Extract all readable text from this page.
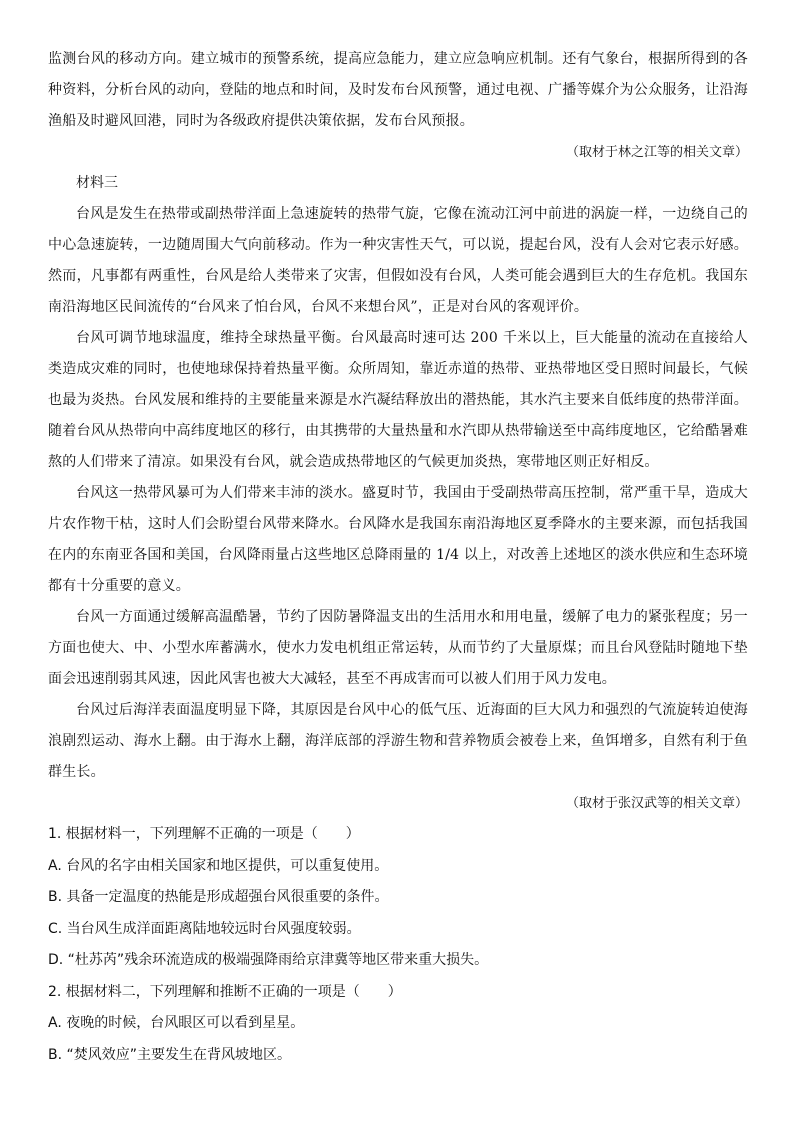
监测台风的移动方向。建立城市的预警系统，提高应急能力，建立应急响应机制。还有气象台，根据所得到的各种资料，分析台风的动向，登陆的地点和时间，及时发布台风预警，通过电视、广播等媒介为公众服务，让沿海渔船及时避风回港，同时为各级政府提供决策依据，发布台风预报。

（取材于林之江等的相关文章）

材料三

台风是发生在热带或副热带洋面上急速旋转的热带气旋，它像在流动江河中前进的涡旋一样，一边绕自己的中心急速旋转，一边随周围大气向前移动。作为一种灾害性天气，可以说，提起台风，没有人会对它表示好感。然而，凡事都有两重性，台风是给人类带来了灾害，但假如没有台风，人类可能会遇到巨大的生存危机。我国东南沿海地区民间流传的“台风来了怕台风，台风不来想台风”，正是对台风的客观评价。

台风可调节地球温度，维持全球热量平衡。台风最高时速可达 200 千米以上，巨大能量的流动在直接给人类造成灾难的同时，也使地球保持着热量平衡。众所周知，靠近赤道的热带、亚热带地区受日照时间最长，气候也最为炎热。台风发展和维持的主要能量来源是水汽凝结释放出的潜热能，其水汽主要来自低纬度的热带洋面。随着台风从热带向中高纬度地区的移行，由其携带的大量热量和水汽即从热带输送至中高纬度地区，它给酷暑难熬的人们带来了清凉。如果没有台风，就会造成热带地区的气候更加炎热，寒带地区则正好相反。

台风这一热带风暴可为人们带来丰沛的淡水。盛夏时节，我国由于受副热带高压控制，常严重干旱，造成大片农作物干枯，这时人们会盼望台风带来降水。台风降水是我国东南沿海地区夏季降水的主要来源，而包括我国在内的东南亚各国和美国，台风降雨量占这些地区总降雨量的 1/4 以上，对改善上述地区的淡水供应和生态环境都有十分重要的意义。

台风一方面通过缓解高温酷暑，节约了因防暑降温支出的生活用水和用电量，缓解了电力的紧张程度；另一方面也使大、中、小型水库蓄满水，使水力发电机组正常运转，从而节约了大量原煤；而且台风登陆时随地下垫面会迅速削弱其风速，因此风害也被大大减轻，甚至不再成害而可以被人们用于风力发电。

台风过后海洋表面温度明显下降，其原因是台风中心的低气压、近海面的巨大风力和强烈的气流旋转迫使海浪剧烈运动、海水上翻。由于海水上翻，海洋底部的浮游生物和营养物质会被卷上来，鱼饵增多，自然有利于鱼群生长。

（取材于张汉武等的相关文章）

1. 根据材料一，下列理解不正确的一项是（　　）

A. 台风的名字由相关国家和地区提供，可以重复使用。

B. 具备一定温度的热能是形成超强台风很重要的条件。

C. 当台风生成洋面距离陆地较远时台风强度较弱。

D. “杜苏芮”残余环流造成的极端强降雨给京津冀等地区带来重大损失。

2. 根据材料二，下列理解和推断不正确的一项是（　　）

A. 夜晚的时候，台风眼区可以看到星星。

B. “焚风效应”主要发生在背风坡地区。
